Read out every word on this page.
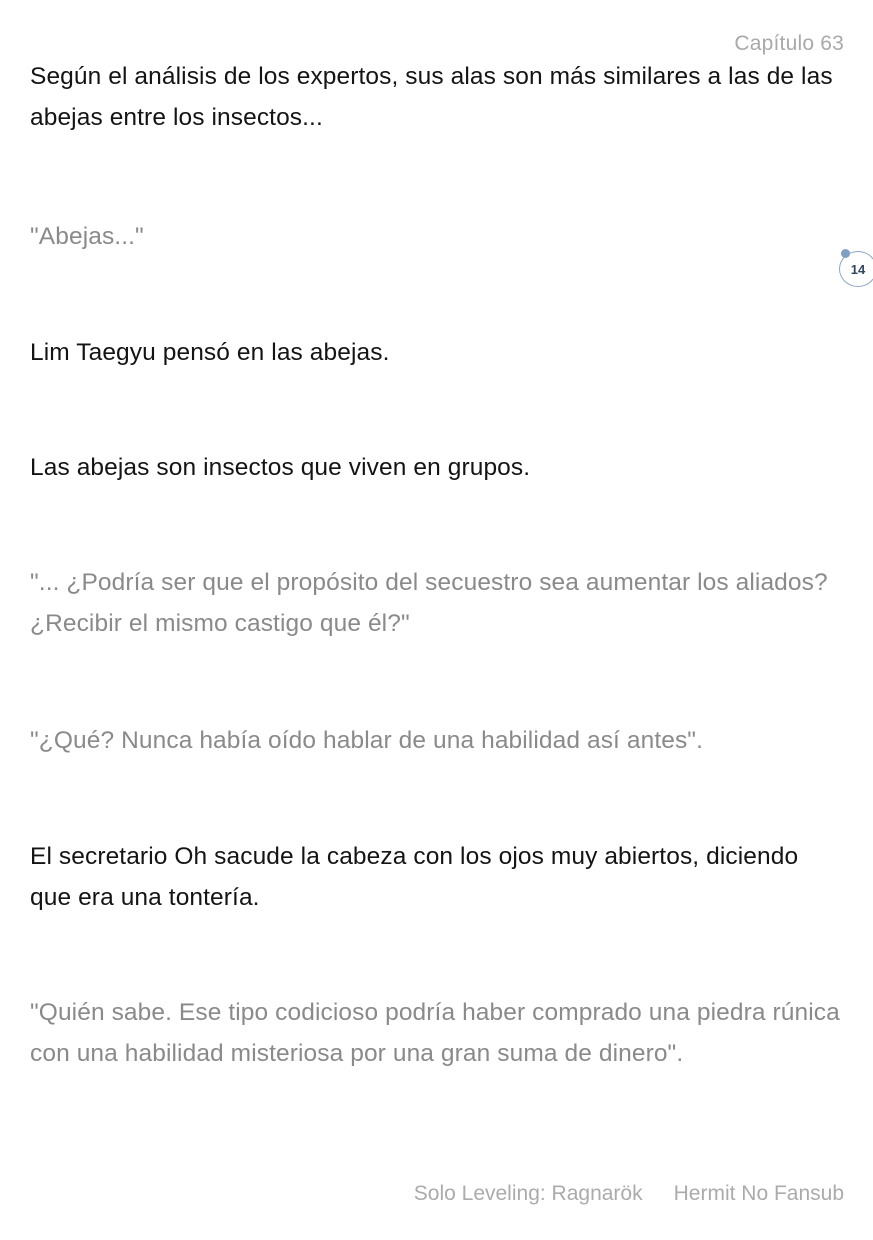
Capítulo 63

Según el análisis de los expertos, sus alas son más similares a las de las abejas entre los insectos...

"Abejas..."

Lim Taegyu pensó en las abejas.

Las abejas son insectos que viven en grupos.

"... ¿Podría ser que el propósito del secuestro sea aumentar los aliados? ¿Recibir el mismo castigo que él?"

"¿Qué? Nunca había oído hablar de una habilidad así antes".

El secretario Oh sacude la cabeza con los ojos muy abiertos, diciendo que era una tontería.

"Quién sabe. Ese tipo codicioso podría haber comprado una piedra rúnica con una habilidad misteriosa por una gran suma de dinero".

14
Solo Leveling: Ragnarök Hermit No Fansub
